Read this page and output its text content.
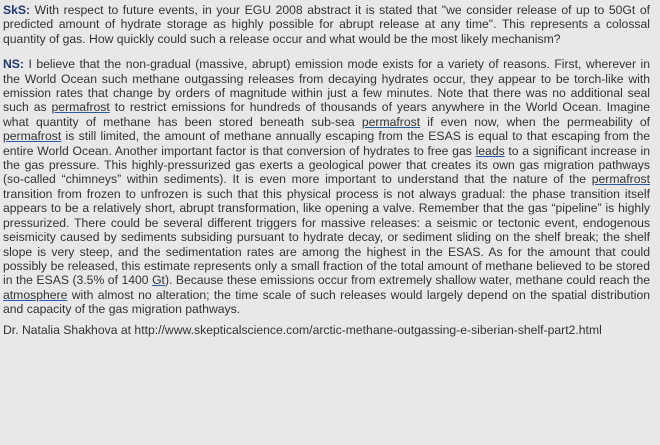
SkS: With respect to future events, in your EGU 2008 abstract it is stated that "we consider release of up to 50Gt of predicted amount of hydrate storage as highly possible for abrupt release at any time". This represents a colossal quantity of gas. How quickly could such a release occur and what would be the most likely mechanism?

NS: I believe that the non-gradual (massive, abrupt) emission mode exists for a variety of reasons. First, wherever in the World Ocean such methane outgassing releases from decaying hydrates occur, they appear to be torch-like with emission rates that change by orders of magnitude within just a few minutes. Note that there was no additional seal such as permafrost to restrict emissions for hundreds of thousands of years anywhere in the World Ocean. Imagine what quantity of methane has been stored beneath sub-sea permafrost if even now, when the permeability of permafrost is still limited, the amount of methane annually escaping from the ESAS is equal to that escaping from the entire World Ocean. Another important factor is that conversion of hydrates to free gas leads to a significant increase in the gas pressure. This highly-pressurized gas exerts a geological power that creates its own gas migration pathways (so-called “chimneys” within sediments). It is even more important to understand that the nature of the permafrost transition from frozen to unfrozen is such that this physical process is not always gradual: the phase transition itself appears to be a relatively short, abrupt transformation, like opening a valve. Remember that the gas “pipeline” is highly pressurized. There could be several different triggers for massive releases: a seismic or tectonic event, endogenous seismicity caused by sediments subsiding pursuant to hydrate decay, or sediment sliding on the shelf break; the shelf slope is very steep, and the sedimentation rates are among the highest in the ESAS. As for the amount that could possibly be released, this estimate represents only a small fraction of the total amount of methane believed to be stored in the ESAS (3.5% of 1400 Gt). Because these emissions occur from extremely shallow water, methane could reach the atmosphere with almost no alteration; the time scale of such releases would largely depend on the spatial distribution and capacity of the gas migration pathways.

Dr. Natalia Shakhova at http://www.skepticalscience.com/arctic-methane-outgassing-e-siberian-shelf-part2.html
